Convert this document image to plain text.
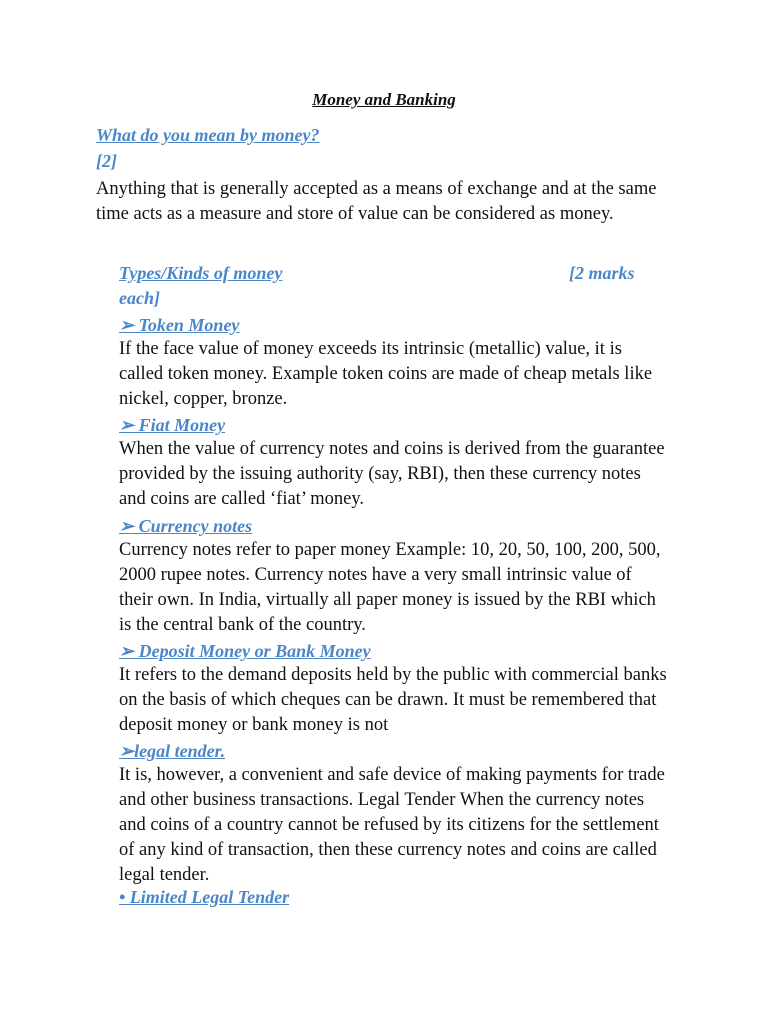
Money and Banking
What do you mean by money?
[2]
Anything that is generally accepted as a means of exchange and at the same time acts as a measure and store of value can be considered as money.
Types/Kinds of money	[2 marks

each]
➢ Token Money
If the face value of money exceeds its intrinsic (metallic) value, it is called token money. Example token coins are made of cheap metals like nickel, copper, bronze.
➢ Fiat Money
When the value of currency notes and coins is derived from the guarantee provided by the issuing authority (say, RBI), then these currency notes and coins are called ‘fiat’ money.
➢ Currency notes
Currency notes refer to paper money Example: 10, 20, 50, 100, 200, 500, 2000 rupee notes. Currency notes have a very small intrinsic value of their own. In India, virtually all paper money is issued by the RBI which is the central bank of the country.
➢ Deposit Money or Bank Money
It refers to the demand deposits held by the public with commercial banks on the basis of which cheques can be drawn. It must be remembered that deposit money or bank money is not
➢legal tender.
It is, however, a convenient and safe device of making payments for trade and other business transactions. Legal Tender When the currency notes and coins of a country cannot be refused by its citizens for the settlement of any kind of transaction, then these currency notes and coins are called legal tender.
• Limited Legal Tender
